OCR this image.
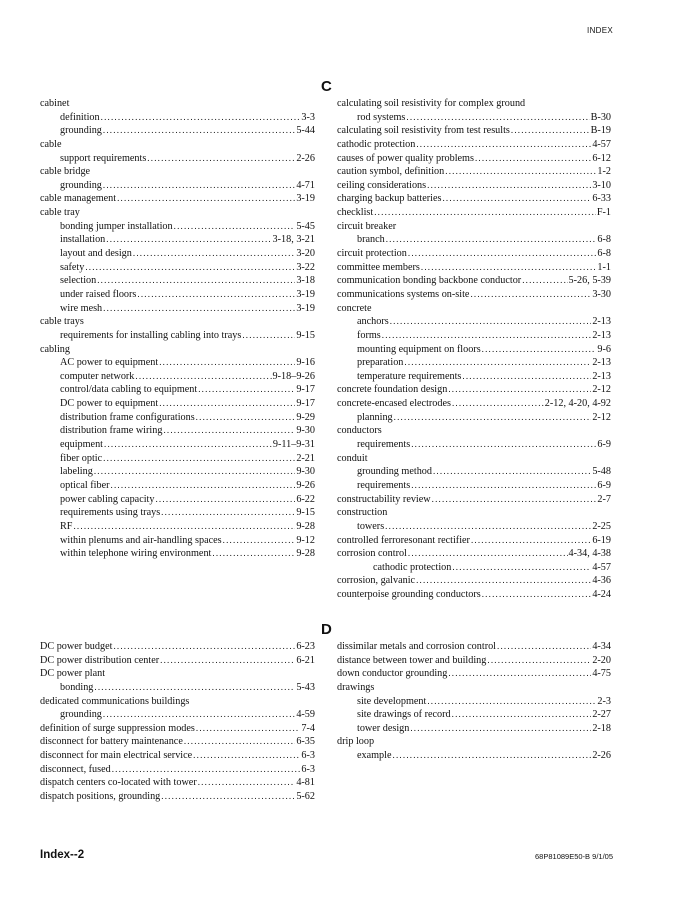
INDEX
C
cabinet
definition .....	3-3
grounding .....	5-44
cable
support requirements .....	2-26
cable bridge
grounding .....	4-71
cable management .....	3-19
cable tray
bonding jumper installation .....	5-45
installation .....	3-18, 3-21
layout and design .....	3-20
safety .....	3-22
selection .....	3-18
under raised floors .....	3-19
wire mesh .....	3-19
cable trays
requirements for installing cabling into trays .....	9-15
cabling
AC power to equipment .....	9-16
computer network .....	9-18–9-26
control/data cabling to equipment .....	9-17
DC power to equipment .....	9-17
distribution frame configurations .....	9-29
distribution frame wiring .....	9-30
equipment .....	9-11–9-31
fiber optic .....	2-21
labeling .....	9-30
optical fiber .....	9-26
power cabling capacity .....	6-22
requirements using trays .....	9-15
RF .....	9-28
within plenums and air-handling spaces .....	9-12
within telephone wiring environment .....	9-28
calculating soil resistivity for complex ground
rod systems .....	B-30
calculating soil resistivity from test results .....	B-19
cathodic protection .....	4-57
causes of power quality problems .....	6-12
caution symbol, definition .....	1-2
ceiling considerations .....	3-10
charging backup batteries .....	6-33
checklist .....	F-1
circuit breaker
branch .....	6-8
circuit protection .....	6-8
committee members .....	1-1
communication bonding backbone conductor .....	5-26, 5-39
communications systems on-site .....	3-30
concrete
anchors .....	2-13
forms .....	2-13
mounting equipment on floors .....	9-6
preparation .....	2-13
temperature requirements .....	2-13
concrete foundation design .....	2-12
concrete-encased electrodes .....	2-12, 4-20, 4-92
planning .....	2-12
conductors
requirements .....	6-9
conduit
grounding method .....	5-48
requirements .....	6-9
constructability review .....	2-7
construction
towers .....	2-25
controlled ferroresonant rectifier .....	6-19
corrosion control .....	4-34, 4-38
cathodic protection .....	4-57
corrosion, galvanic .....	4-36
counterpoise grounding conductors .....	4-24
D
DC power budget .....	6-23
DC power distribution center .....	6-21
DC power plant
bonding .....	5-43
dedicated communications buildings
grounding .....	4-59
definition of surge suppression modes .....	7-4
disconnect for battery maintenance .....	6-35
disconnect for main electrical service .....	6-3
disconnect, fused .....	6-3
dispatch centers co-located with tower .....	4-81
dispatch positions, grounding .....	5-62
dissimilar metals and corrosion control .....	4-34
distance between tower and building .....	2-20
down conductor grounding .....	4-75
drawings
site development .....	2-3
site drawings of record .....	2-27
tower design .....	2-18
drip loop
example .....	2-26
Index--2	68P81089E50-B 9/1/05
